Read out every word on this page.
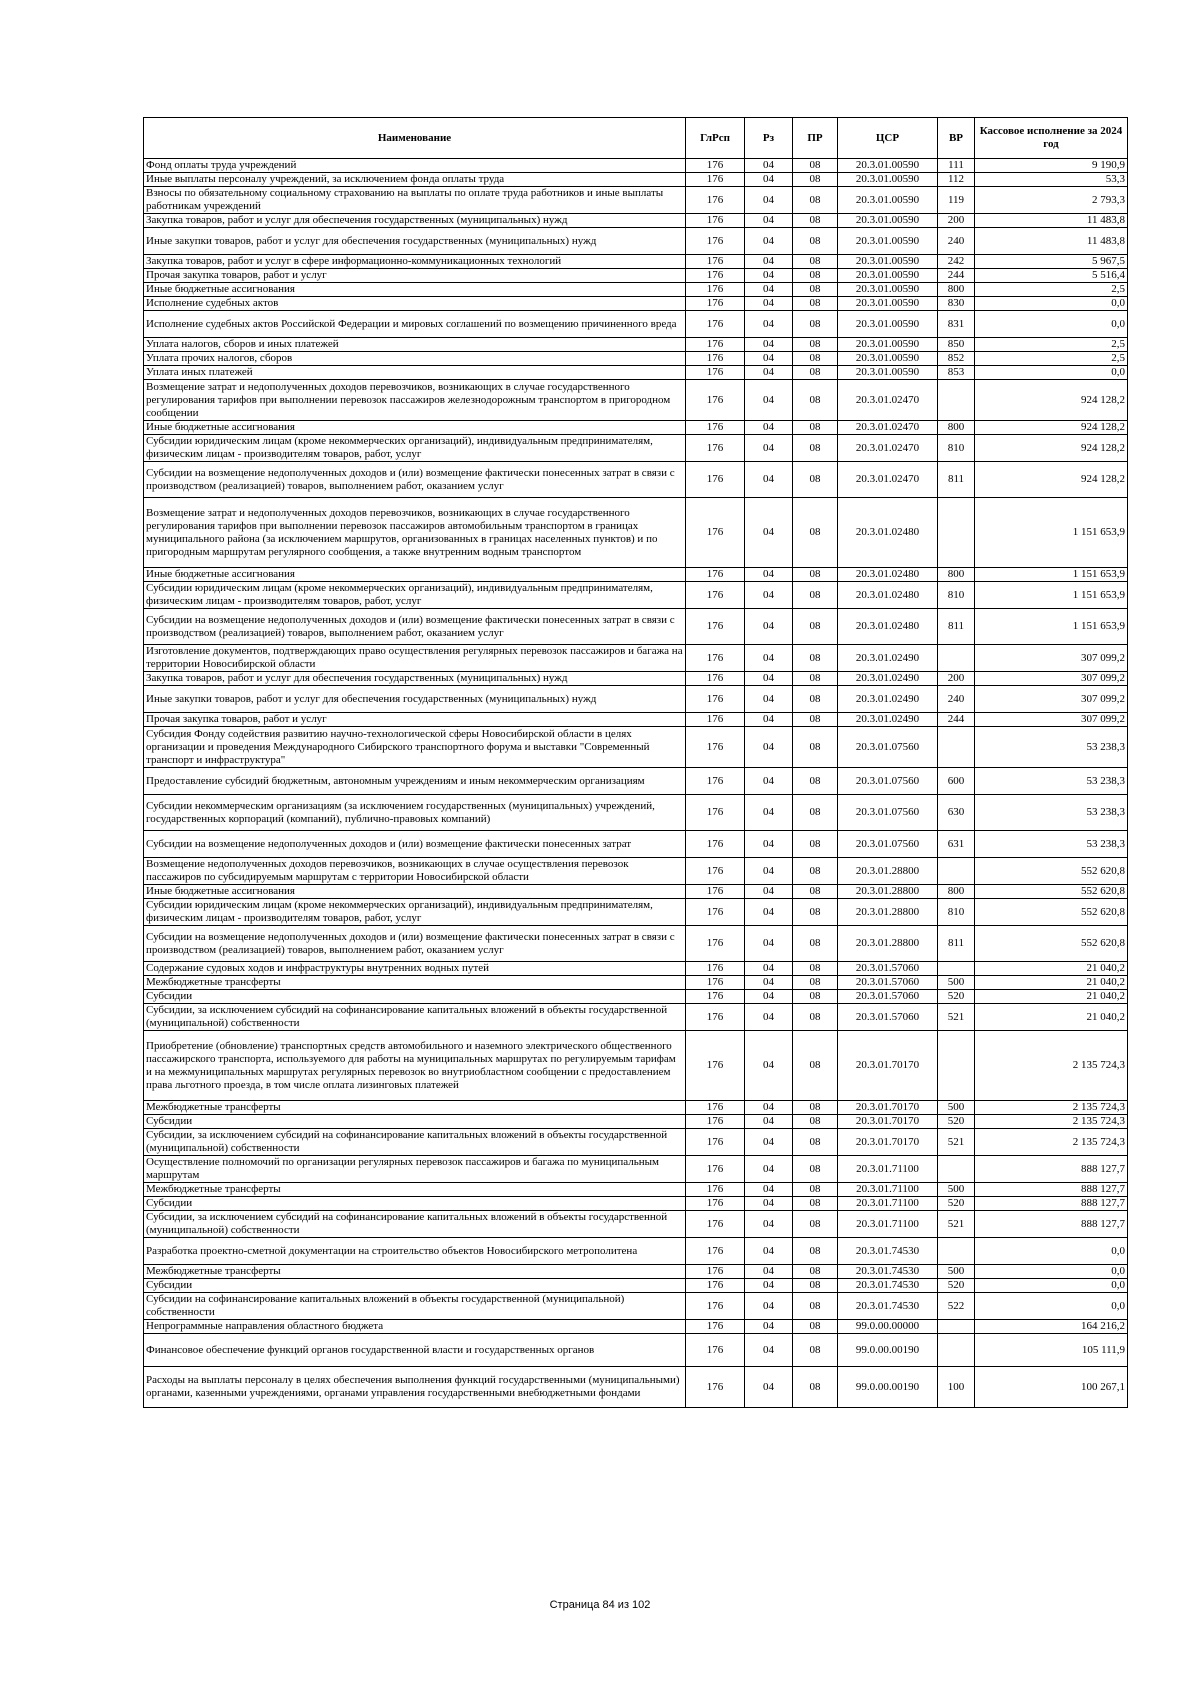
Наименование	ГлРсп	Рз	ПР	ЦСР	ВР	Кассовое исполнение за 2024 год
Фонд оплаты труда учреждений	176	04	08	20.3.01.00590	111	9 190,9
Иные выплаты персоналу учреждений, за исключением фонда оплаты труда	176	04	08	20.3.01.00590	112	53,3
Взносы по обязательному социальному страхованию на выплаты по оплате труда работников и иные выплаты работникам учреждений	176	04	08	20.3.01.00590	119	2 793,3
Закупка товаров, работ и услуг для обеспечения государственных (муниципальных) нужд	176	04	08	20.3.01.00590	200	11 483,8
Иные закупки товаров, работ и услуг для обеспечения государственных (муниципальных) нужд	176	04	08	20.3.01.00590	240	11 483,8
Закупка товаров, работ и услуг в сфере информационно-коммуникационных технологий	176	04	08	20.3.01.00590	242	5 967,5
Прочая закупка товаров, работ и услуг	176	04	08	20.3.01.00590	244	5 516,4
Иные бюджетные ассигнования	176	04	08	20.3.01.00590	800	2,5
Исполнение судебных актов	176	04	08	20.3.01.00590	830	0,0
Исполнение судебных актов Российской Федерации и мировых соглашений по возмещению причиненного вреда	176	04	08	20.3.01.00590	831	0,0
Уплата налогов, сборов и иных платежей	176	04	08	20.3.01.00590	850	2,5
Уплата прочих налогов, сборов	176	04	08	20.3.01.00590	852	2,5
Уплата иных платежей	176	04	08	20.3.01.00590	853	0,0
Возмещение затрат и недополученных доходов перевозчиков, возникающих в случае государственного регулирования тарифов при выполнении перевозок пассажиров железнодорожным транспортом в пригородном сообщении	176	04	08	20.3.01.02470		924 128,2
Иные бюджетные ассигнования	176	04	08	20.3.01.02470	800	924 128,2
Субсидии юридическим лицам (кроме некоммерческих организаций), индивидуальным предпринимателям, физическим лицам - производителям товаров, работ, услуг	176	04	08	20.3.01.02470	810	924 128,2
Субсидии на возмещение недополученных доходов и (или) возмещение фактически понесенных затрат в связи с производством (реализацией) товаров, выполнением работ, оказанием услуг	176	04	08	20.3.01.02470	811	924 128,2
Возмещение затрат и недополученных доходов перевозчиков, возникающих в случае государственного регулирования тарифов при выполнении перевозок пассажиров автомобильным транспортом в границах муниципального района (за исключением маршрутов, организованных в границах населенных пунктов) и по пригородным маршрутам регулярного сообщения, а также внутренним водным транспортом	176	04	08	20.3.01.02480		1 151 653,9
Иные бюджетные ассигнования	176	04	08	20.3.01.02480	800	1 151 653,9
Субсидии юридическим лицам (кроме некоммерческих организаций), индивидуальным предпринимателям, физическим лицам - производителям товаров, работ, услуг	176	04	08	20.3.01.02480	810	1 151 653,9
Субсидии на возмещение недополученных доходов и (или) возмещение фактически понесенных затрат в связи с производством (реализацией) товаров, выполнением работ, оказанием услуг	176	04	08	20.3.01.02480	811	1 151 653,9
Изготовление документов, подтверждающих право осуществления регулярных перевозок пассажиров и багажа на территории Новосибирской области	176	04	08	20.3.01.02490		307 099,2
Закупка товаров, работ и услуг для обеспечения государственных (муниципальных) нужд	176	04	08	20.3.01.02490	200	307 099,2
Иные закупки товаров, работ и услуг для обеспечения государственных (муниципальных) нужд	176	04	08	20.3.01.02490	240	307 099,2
Прочая закупка товаров, работ и услуг	176	04	08	20.3.01.02490	244	307 099,2
Субсидия Фонду содействия развитию научно-технологической сферы Новосибирской области в целях организации и проведения Международного Сибирского транспортного форума и выставки "Современный транспорт и инфраструктура"	176	04	08	20.3.01.07560		53 238,3
Предоставление субсидий бюджетным, автономным учреждениям и иным некоммерческим организациям	176	04	08	20.3.01.07560	600	53 238,3
Субсидии некоммерческим организациям (за исключением государственных (муниципальных) учреждений, государственных корпораций (компаний), публично-правовых компаний)	176	04	08	20.3.01.07560	630	53 238,3
Субсидии на возмещение недополученных доходов и (или) возмещение фактически понесенных затрат	176	04	08	20.3.01.07560	631	53 238,3
Возмещение недополученных доходов перевозчиков, возникающих в случае осуществления перевозок пассажиров по субсидируемым маршрутам с территории Новосибирской области	176	04	08	20.3.01.28800		552 620,8
Иные бюджетные ассигнования	176	04	08	20.3.01.28800	800	552 620,8
Субсидии юридическим лицам (кроме некоммерческих организаций), индивидуальным предпринимателям, физическим лицам - производителям товаров, работ, услуг	176	04	08	20.3.01.28800	810	552 620,8
Субсидии на возмещение недополученных доходов и (или) возмещение фактически понесенных затрат в связи с производством (реализацией) товаров, выполнением работ, оказанием услуг	176	04	08	20.3.01.28800	811	552 620,8
Содержание судовых ходов и инфраструктуры внутренних водных путей	176	04	08	20.3.01.57060		21 040,2
Межбюджетные трансферты	176	04	08	20.3.01.57060	500	21 040,2
Субсидии	176	04	08	20.3.01.57060	520	21 040,2
Субсидии, за исключением субсидий на софинансирование капитальных вложений в объекты государственной (муниципальной) собственности	176	04	08	20.3.01.57060	521	21 040,2
Приобретение (обновление) транспортных средств автомобильного и наземного электрического общественного пассажирского транспорта, используемого для работы на муниципальных маршрутах по регулируемым тарифам и на межмуниципальных маршрутах регулярных перевозок во внутриобластном сообщении с предоставлением права льготного проезда, в том числе оплата лизинговых платежей	176	04	08	20.3.01.70170		2 135 724,3
Межбюджетные трансферты	176	04	08	20.3.01.70170	500	2 135 724,3
Субсидии	176	04	08	20.3.01.70170	520	2 135 724,3
Субсидии, за исключением субсидий на софинансирование капитальных вложений в объекты государственной (муниципальной) собственности	176	04	08	20.3.01.70170	521	2 135 724,3
Осуществление полномочий по организации регулярных перевозок пассажиров и багажа по муниципальным маршрутам	176	04	08	20.3.01.71100		888 127,7
Межбюджетные трансферты	176	04	08	20.3.01.71100	500	888 127,7
Субсидии	176	04	08	20.3.01.71100	520	888 127,7
Субсидии, за исключением субсидий на софинансирование капитальных вложений в объекты государственной (муниципальной) собственности	176	04	08	20.3.01.71100	521	888 127,7
Разработка проектно-сметной документации на строительство объектов Новосибирского метрополитена	176	04	08	20.3.01.74530		0,0
Межбюджетные трансферты	176	04	08	20.3.01.74530	500	0,0
Субсидии	176	04	08	20.3.01.74530	520	0,0
Субсидии на софинансирование капитальных вложений в объекты государственной (муниципальной) собственности	176	04	08	20.3.01.74530	522	0,0
Непрограммные направления областного бюджета	176	04	08	99.0.00.00000		164 216,2
Финансовое обеспечение функций органов государственной власти и государственных органов	176	04	08	99.0.00.00190		105 111,9
Расходы на выплаты персоналу в целях обеспечения выполнения функций государственными (муниципальными) органами, казенными учреждениями, органами управления государственными внебюджетными фондами	176	04	08	99.0.00.00190	100	100 267,1
Страница 84 из 102
